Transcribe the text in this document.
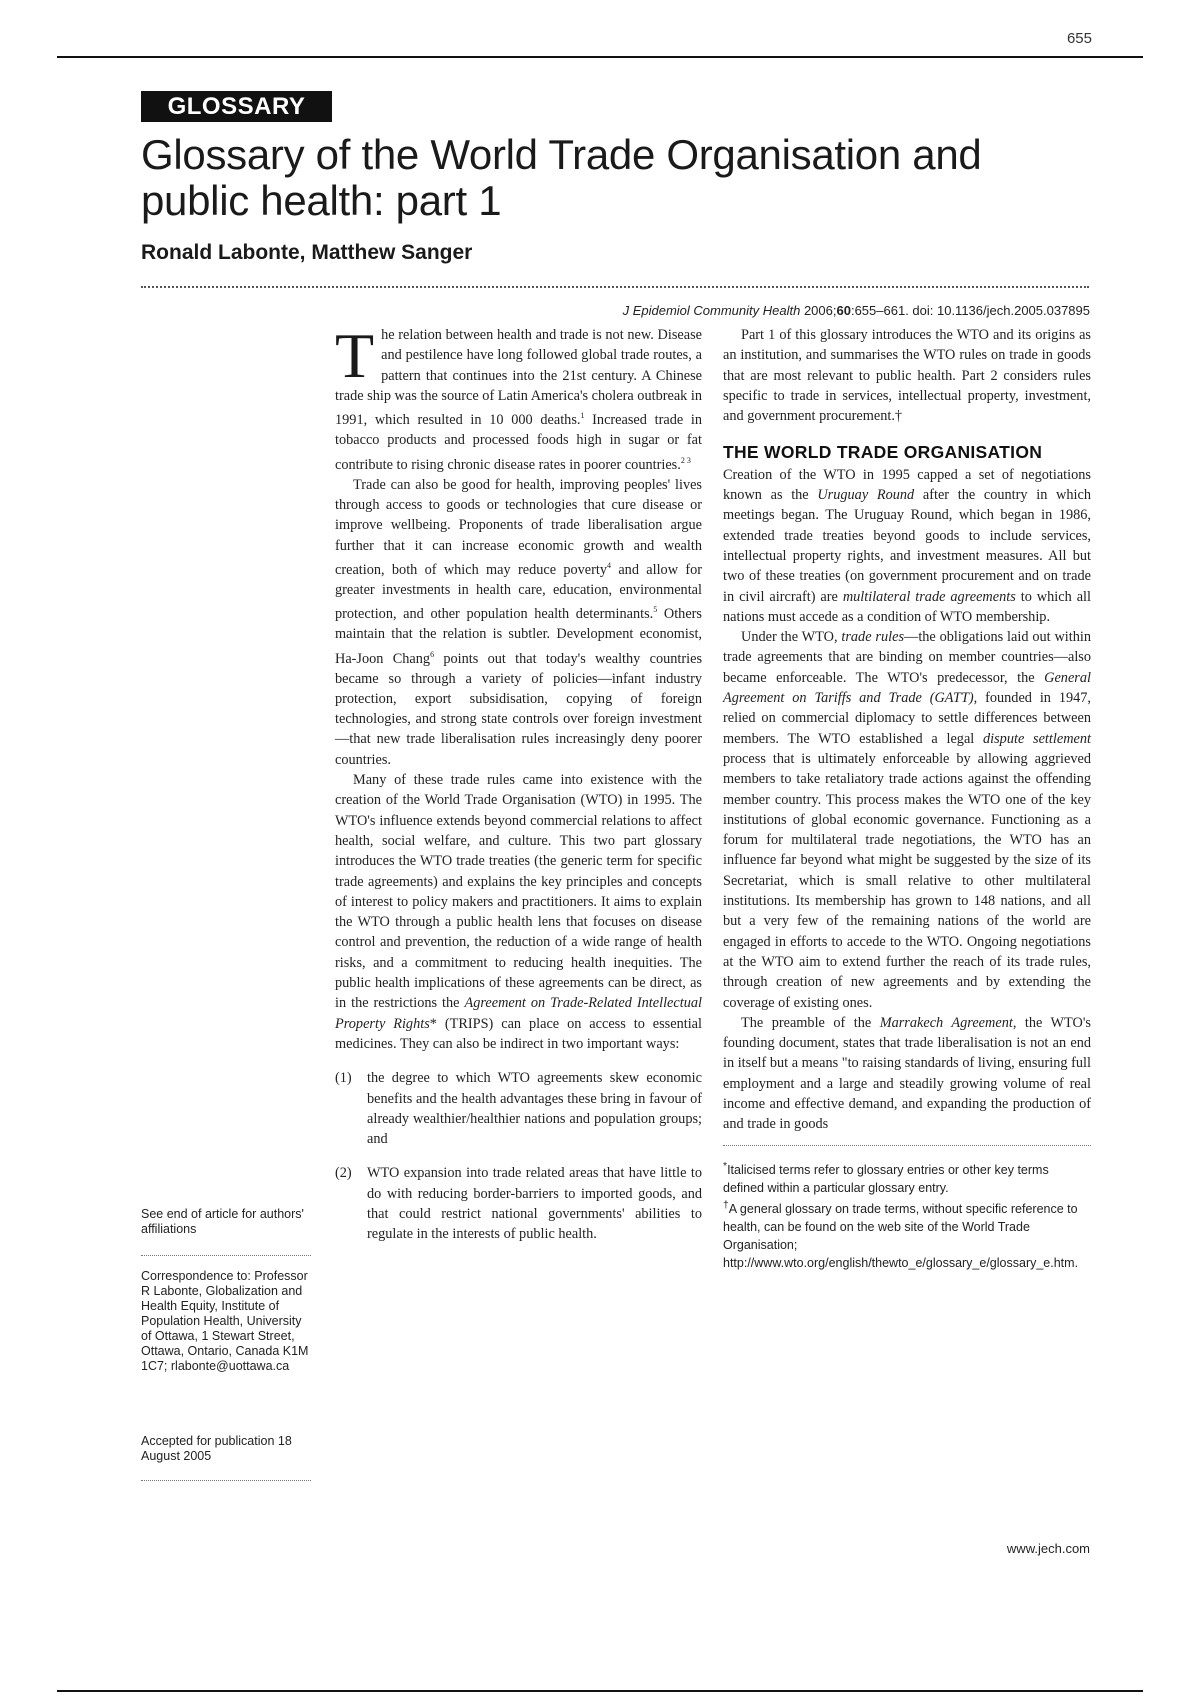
655
GLOSSARY
Glossary of the World Trade Organisation and public health: part 1

Ronald Labonte, Matthew Sanger

J Epidemiol Community Health 2006;60:655–661. doi: 10.1136/jech.2005.037895
See end of article for authors' affiliations
Correspondence to: Professor R Labonte, Globalization and Health Equity, Institute of Population Health, University of Ottawa, 1 Stewart Street, Ottawa, Ontario, Canada K1M 1C7; rlabonte@uottawa.ca
Accepted for publication 18 August 2005

The relation between health and trade is not new. Disease and pestilence have long followed global trade routes, a pattern that continues into the 21st century. A Chinese trade ship was the source of Latin America's cholera outbreak in 1991, which resulted in 10 000 deaths.$^1$ Increased trade in tobacco products and processed foods high in sugar or fat contribute to rising chronic disease rates in poorer countries.$^{2 3}$

Trade can also be good for health, improving peoples' lives through access to goods or technologies that cure disease or improve wellbeing. Proponents of trade liberalisation argue further that it can increase economic growth and wealth creation, both of which may reduce poverty$^4$ and allow for greater investments in health care, education, environmental protection, and other population health determinants.$^5$ Others maintain that the relation is subtler. Development economist, Ha-Joon Chang$^6$ points out that today's wealthy countries became so through a variety of policies—infant industry protection, export subsidisation, copying of foreign technologies, and strong state controls over foreign investment—that new trade liberalisation rules increasingly deny poorer countries.

Many of these trade rules came into existence with the creation of the World Trade Organisation (WTO) in 1995. The WTO's influence extends beyond commercial relations to affect health, social welfare, and culture. This two part glossary introduces the WTO trade treaties (the generic term for specific trade agreements) and explains the key principles and concepts of interest to policy makers and practitioners. It aims to explain the WTO through a public health lens that focuses on disease control and prevention, the reduction of a wide range of health risks, and a commitment to reducing health inequities. The public health implications of these agreements can be direct, as in the restrictions the Agreement on Trade-Related Intellectual Property Rights* (TRIPS) can place on access to essential medicines. They can also be indirect in two important ways:

(1) the degree to which WTO agreements skew economic benefits and the health advantages these bring in favour of already wealthier/healthier nations and population groups; and
(2) WTO expansion into trade related areas that have little to do with reducing border-barriers to imported goods, and that could restrict national governments' abilities to regulate in the interests of public health.

Part 1 of this glossary introduces the WTO and its origins as an institution, and summarises the WTO rules on trade in goods that are most relevant to public health. Part 2 considers rules specific to trade in services, intellectual property, investment, and government procurement.†

THE WORLD TRADE ORGANISATION

Creation of the WTO in 1995 capped a set of negotiations known as the Uruguay Round after the country in which meetings began. The Uruguay Round, which began in 1986, extended trade treaties beyond goods to include services, intellectual property rights, and investment measures. All but two of these treaties (on government procurement and on trade in civil aircraft) are multilateral trade agreements to which all nations must accede as a condition of WTO membership.

Under the WTO, trade rules—the obligations laid out within trade agreements that are binding on member countries—also became enforceable. The WTO's predecessor, the General Agreement on Tariffs and Trade (GATT), founded in 1947, relied on commercial diplomacy to settle differences between members. The WTO established a legal dispute settlement process that is ultimately enforceable by allowing aggrieved members to take retaliatory trade actions against the offending member country. This process makes the WTO one of the key institutions of global economic governance. Functioning as a forum for multilateral trade negotiations, the WTO has an influence far beyond what might be suggested by the size of its Secretariat, which is small relative to other multilateral institutions. Its membership has grown to 148 nations, and all but a very few of the remaining nations of the world are engaged in efforts to accede to the WTO. Ongoing negotiations at the WTO aim to extend further the reach of its trade rules, through creation of new agreements and by extending the coverage of existing ones.

The preamble of the Marrakech Agreement, the WTO's founding document, states that trade liberalisation is not an end in itself but a means "to raising standards of living, ensuring full employment and a large and steadily growing volume of real income and effective demand, and expanding the production of and trade in goods

*Italicised terms refer to glossary entries or other key terms defined within a particular glossary entry.

†A general glossary on trade terms, without specific reference to health, can be found on the web site of the World Trade Organisation; http://www.wto.org/english/thewto_e/glossary_e/glossary_e.htm.

www.jech.com
